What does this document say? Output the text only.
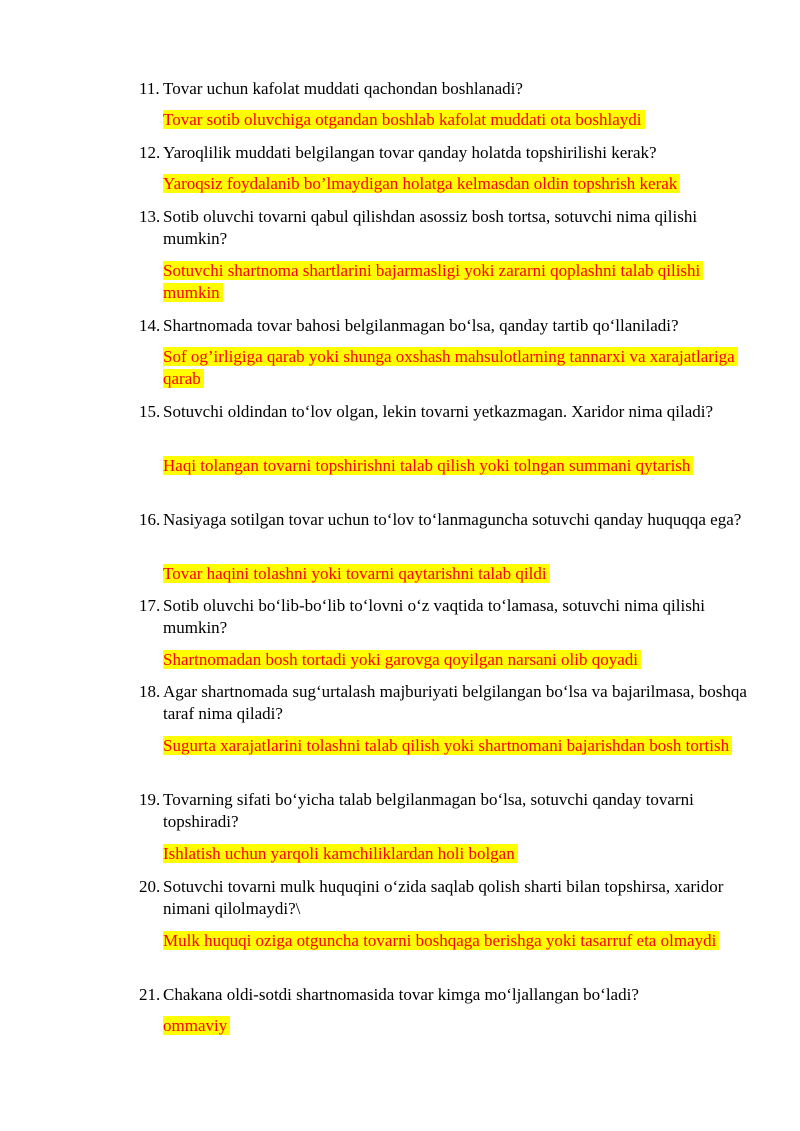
11. Tovar uchun kafolat muddati qachondan boshlanadi?
Tovar sotib oluvchiga otgandan boshlab kafolat muddati ota boshlaydi
12. Yaroqlilik muddati belgilangan tovar qanday holatda topshirilishi kerak?
Yaroqsiz foydalanib bo’lmaydigan holatga kelmasdan oldin topshrish kerak
13. Sotib oluvchi tovarni qabul qilishdan asossiz bosh tortsa, sotuvchi nima qilishi mumkin?
Sotuvchi shartnoma shartlarini bajarmasligi yoki zararni qoplashni talab qilishi mumkin
14. Shartnomada tovar bahosi belgilanmagan bo‘lsa, qanday tartib qo‘llaniladi?
Sof og’irligiga qarab yoki shunga oxshash mahsulotlarning tannarxi va xarajatlariga qarab
15. Sotuvchi oldindan to‘lov olgan, lekin tovarni yetkazmagan. Xaridor nima qiladi?
Haqi tolangan tovarni topshirishni talab qilish yoki tolngan summani qytarish
16. Nasiyaga sotilgan tovar uchun to‘lov to‘lanmaguncha sotuvchi qanday huquqqa ega?
Tovar haqini tolashni yoki tovarni qaytarishni talab qildi
17. Sotib oluvchi bo‘lib-bo‘lib to‘lovni o‘z vaqtida to‘lamasa, sotuvchi nima qilishi mumkin?
Shartnomadan bosh tortadi yoki garovga qoyilgan narsani olib qoyadi
18. Agar shartnomada sug‘urtalash majburiyati belgilangan bo‘lsa va bajarilmasa, boshqa taraf nima qiladi?
Sugurta xarajatlarini tolashni talab qilish yoki shartnomani bajarishdan bosh tortish
19. Tovarning sifati bo‘yicha talab belgilanmagan bo‘lsa, sotuvchi qanday tovarni topshiradi?
Ishlatish uchun yarqoli kamchiliklardan holi bolgan
20. Sotuvchi tovarni mulk huquqini o‘zida saqlab qolish sharti bilan topshirsa, xaridor nimani qilolmaydi?\
Mulk huquqi oziga otguncha tovarni boshqaga berishga yoki tasarruf eta olmaydi
21. Chakana oldi-sotdi shartnomasida tovar kimga mo‘ljallangan bo‘ladi?
ommaviy
